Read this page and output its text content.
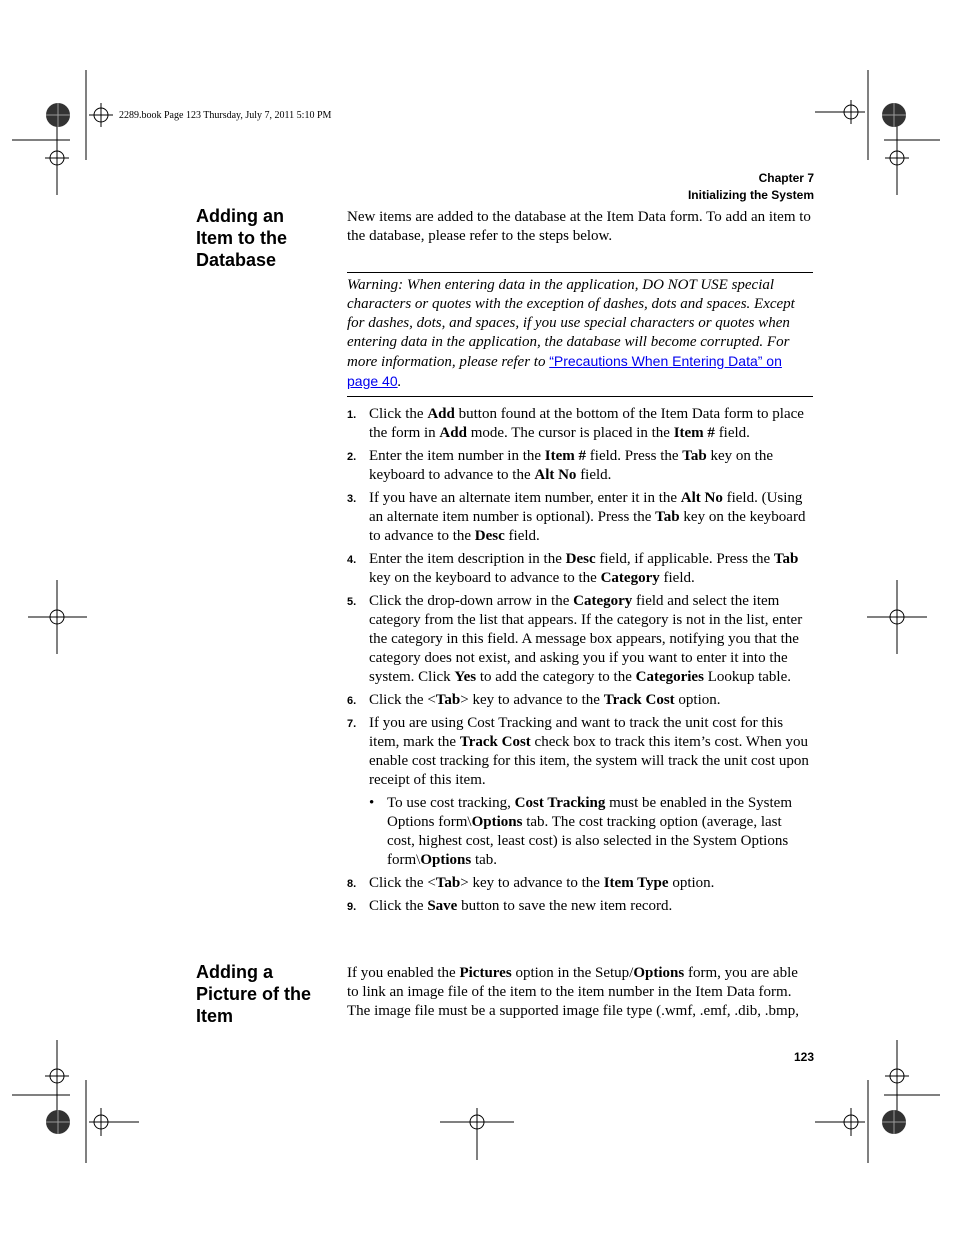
2289.book Page 123 Thursday, July 7, 2011 5:10 PM
Chapter 7
Initializing the System
Adding an
Item to the
Database
New items are added to the database at the Item Data form. To add an item to the database, please refer to the steps below.
Warning: When entering data in the application, DO NOT USE special characters or quotes with the exception of dashes, dots and spaces. Except for dashes, dots, and spaces, if you use special characters or quotes when entering data in the application, the database will become corrupted. For more information, please refer to “Precautions When Entering Data” on page 40.
1. Click the Add button found at the bottom of the Item Data form to place the form in Add mode. The cursor is placed in the Item # field.
2. Enter the item number in the Item # field. Press the Tab key on the keyboard to advance to the Alt No field.
3. If you have an alternate item number, enter it in the Alt No field. (Using an alternate item number is optional). Press the Tab key on the keyboard to advance to the Desc field.
4. Enter the item description in the Desc field, if applicable. Press the Tab key on the keyboard to advance to the Category field.
5. Click the drop-down arrow in the Category field and select the item category from the list that appears. If the category is not in the list, enter the category in this field. A message box appears, notifying you that the category does not exist, and asking you if you want to enter it into the system. Click Yes to add the category to the Categories Lookup table.
6. Click the <Tab> key to advance to the Track Cost option.
7. If you are using Cost Tracking and want to track the unit cost for this item, mark the Track Cost check box to track this item’s cost. When you enable cost tracking for this item, the system will track the unit cost upon receipt of this item.
• To use cost tracking, Cost Tracking must be enabled in the System Options form\Options tab. The cost tracking option (average, last cost, highest cost, least cost) is also selected in the System Options form\Options tab.
8. Click the <Tab> key to advance to the Item Type option.
9. Click the Save button to save the new item record.
Adding a
Picture of the
Item
If you enabled the Pictures option in the Setup/Options form, you are able to link an image file of the item to the item number in the Item Data form. The image file must be a supported image file type (.wmf, .emf, .dib, .bmp,
123
